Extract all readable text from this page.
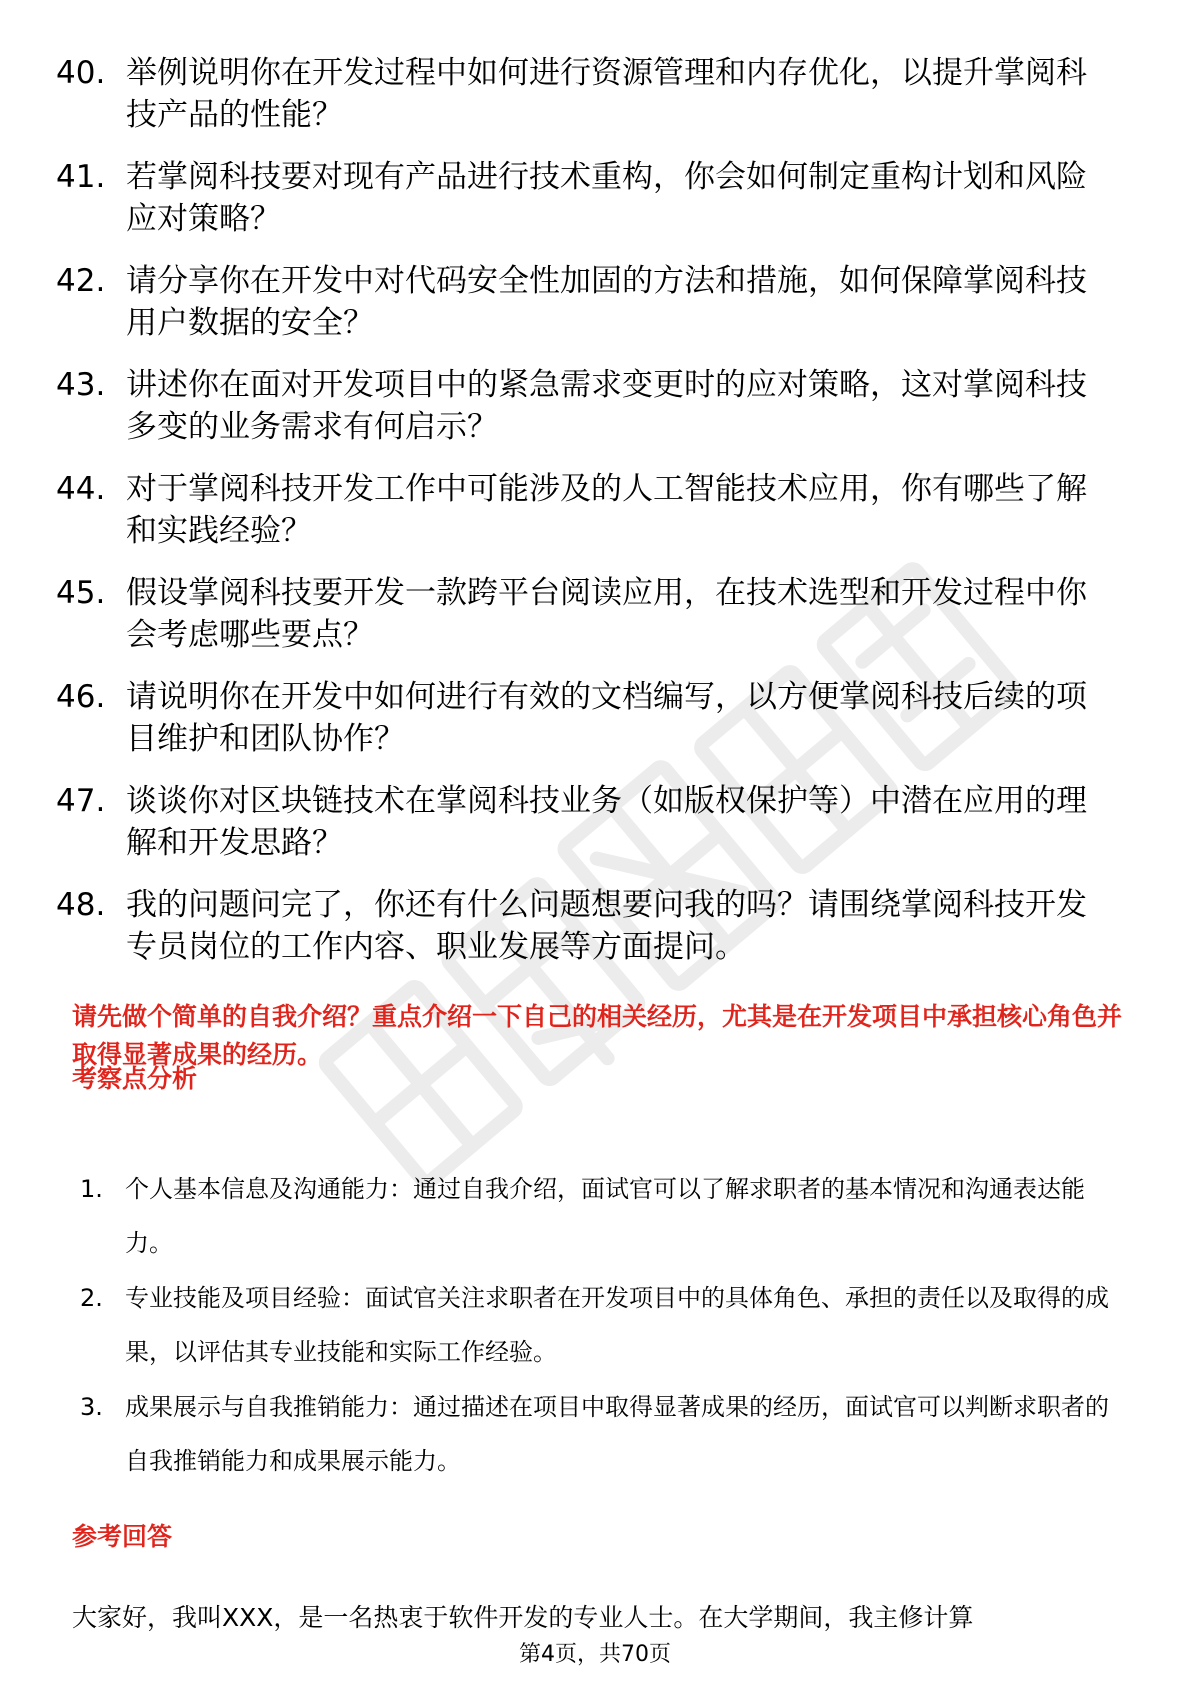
40. 举例说明你在开发过程中如何进行资源管理和内存优化，以提升掌阅科技产品的性能？
41. 若掌阅科技要对现有产品进行技术重构，你会如何制定重构计划和风险应对策略？
42. 请分享你在开发中对代码安全性加固的方法和措施，如何保障掌阅科技用户数据的安全？
43. 讲述你在面对开发项目中的紧急需求变更时的应对策略，这对掌阅科技多变的业务需求有何启示？
44. 对于掌阅科技开发工作中可能涉及的人工智能技术应用，你有哪些了解和实践经验？
45. 假设掌阅科技要开发一款跨平台阅读应用，在技术选型和开发过程中你会考虑哪些要点？
46. 请说明你在开发中如何进行有效的文档编写，以方便掌阅科技后续的项目维护和团队协作？
47. 谈谈你对区块链技术在掌阅科技业务（如版权保护等）中潜在应用的理解和开发思路？
48. 我的问题问完了，你还有什么问题想要问我的吗？请围绕掌阅科技开发专员岗位的工作内容、职业发展等方面提问。

请先做个简单的自我介绍？重点介绍一下自己的相关经历，尤其是在开发项目中承担核心角色并取得显著成果的经历。

考察点分析
1. 个人基本信息及沟通能力：通过自我介绍，面试官可以了解求职者的基本情况和沟通表达能力。
2. 专业技能及项目经验：面试官关注求职者在开发项目中的具体角色、承担的责任以及取得的成果，以评估其专业技能和实际工作经验。
3. 成果展示与自我推销能力：通过描述在项目中取得显著成果的经历，面试官可以判断求职者的自我推销能力和成果展示能力。
参考回答

大家好，我叫XXX，是一名热衷于软件开发的专业人士。在大学期间，我主修计算

第4页，共70页
